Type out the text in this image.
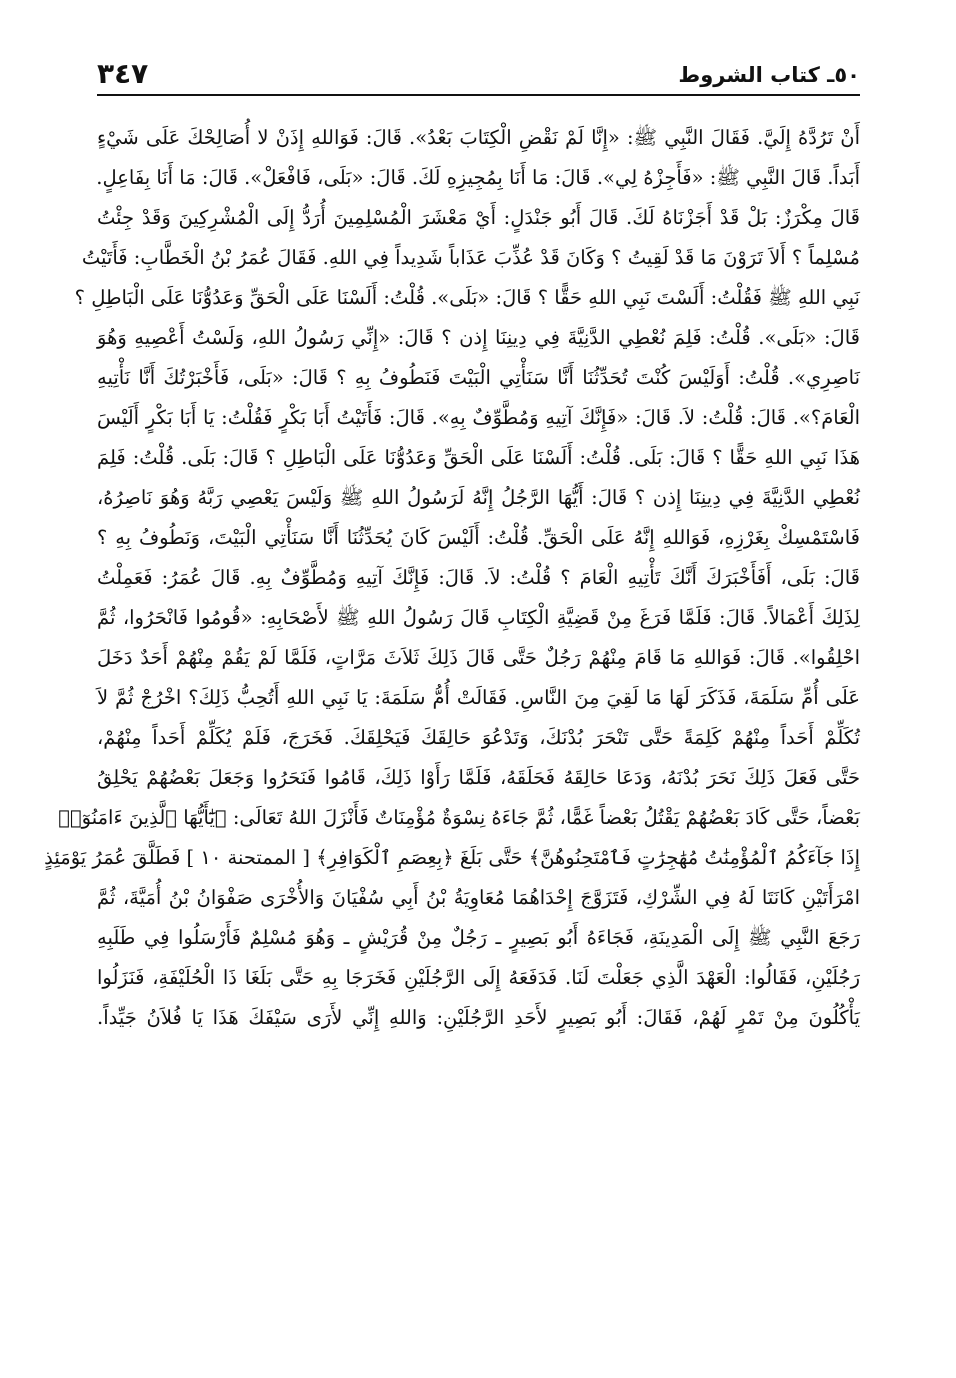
٥٠ـ كتاب الشروط
٣٤٧
أَنْ تَرُدَّهُ إِلَيَّ. فَقَالَ النَّبِي ﷺ: «إِنَّا لَمْ نَقْضِ الْكِتَابَ بَعْدُ». قَالَ: فَوَاللهِ إِذَنْ لا أُصَالِحْكَ عَلَى شَيْءٍ
أَبَداً. قَالَ النَّبِي ﷺ: «فَأَجِزْهُ لِي». قَالَ: مَا أَنَا بِمُجِيزِهِ لَكَ. قَالَ: «بَلَى، فَافْعَلْ». قَالَ: مَا أَنَا بِفَاعِلٍ.
قَالَ مِكْرَزٌ: بَلْ قَدْ أَجَزْنَاهُ لَكَ. قَالَ أَبُو جَنْدَلٍ: أَيْ مَعْشَرَ الْمُسْلِمِينَ أُرَدُّ إِلَى الْمُشْرِكِينَ وَقَدْ جِئْتُ
مُسْلِماً ؟ أَلاَ تَرَوْنَ مَا قَدْ لَقِيتُ ؟ وَكَانَ قَدْ عُذِّبَ عَذَاباً شَدِيداً فِي اللهِ. فَقَالَ عُمَرُ بْنُ الْخَطَّابِ: فَأَتَيْتُ
نَبِي اللهِ ﷺ فَقُلْتُ: أَلَسْتَ نَبِي اللهِ حَقًّا ؟ قَالَ: «بَلَى». قُلْتُ: أَلَسْنَا عَلَى الْحَقِّ وَعَدُوُّنَا عَلَى الْبَاطِلِ ؟
قَالَ: «بَلَى». قُلْتُ: فَلِمَ نُعْطِي الدَّنِيَّةَ فِي دِينِنَا إِذن ؟ قَالَ: «إِنِّي رَسُولُ اللهِ، وَلَسْتُ أَعْصِيهِ وَهُوَ
نَاصِرِي». قُلْتُ: أَوَلَيْسَ كُنْتَ تُحَدِّثُنَا أَنَّا سَنَأْتِي الْبَيْتَ فَنَطُوفُ بِهِ ؟ قَالَ: «بَلَى، فَأَخْبَرْتُكَ أَنَّا نَأْتِيهِ
الْعَامَ؟». قَالَ: قُلْتُ: لاَ. قَالَ: «فَإِنَّكَ آتِيهِ وَمُطَّوِّفٌ بِهِ». قَالَ: فَأَتَيْتُ أَبَا بَكْرٍ فَقُلْتُ: يَا أَبَا بَكْرٍ أَلَيْسَ
هَذَا نَبِي اللهِ حَقًّا ؟ قَالَ: بَلَى. قُلْتُ: أَلَسْنَا عَلَى الْحَقِّ وَعَدُوُّنَا عَلَى الْبَاطِلِ ؟ قَالَ: بَلَى. قُلْتُ: فَلِمَ
نُعْطِي الدَّنِيَّةَ فِي دِينِنَا إِذن ؟ قَالَ: أَيُّهَا الرَّجُلُ إِنَّهُ لَرَسُولُ اللهِ ﷺ وَلَيْسَ يَعْصِي رَبَّهُ وَهُوَ نَاصِرُهُ،
فَاسْتَمْسِكْ بِغَرْزِهِ، فَوَاللهِ إِنَّهُ عَلَى الْحَقِّ. قُلْتُ: أَلَيْسَ كَانَ يُحَدِّثُنَا أَنَّا سَنَأْتِي الْبَيْتَ، وَنَطُوفُ بِهِ ؟
قَالَ: بَلَى، أَفَأَخْبَرَكَ أَنَّكَ تَأْتِيهِ الْعَامَ ؟ قُلْتُ: لاَ. قَالَ: فَإِنَّكَ آتِيهِ وَمُطَّوِّفٌ بِهِ. قَالَ عُمَرُ: فَعَمِلْتُ
لِذَلِكَ أَعْمَالاً. قَالَ: فَلَمَّا فَرَغَ مِنْ قَضِيَّةِ الْكِتَابِ قَالَ رَسُولُ اللهِ ﷺ لأَصْحَابِهِ: «قُومُوا فَانْحَرُوا، ثُمَّ
احْلِقُوا». قَالَ: فَوَاللهِ مَا قَامَ مِنْهُمْ رَجُلٌ حَتَّى قَالَ ذَلِكَ ثَلاَثَ مَرَّاتٍ، فَلَمَّا لَمْ يَقُمْ مِنْهُمْ أَحَدٌ دَخَلَ
عَلَى أُمِّ سَلَمَةَ، فَذَكَرَ لَهَا مَا لَقِيَ مِنَ النَّاسِ. فَقَالَتْ أُمُّ سَلَمَةَ: يَا نَبِي اللهِ أَتُحِبُّ ذَلِكَ؟ اخْرُجْ ثُمَّ لاَ
تُكَلِّمْ أَحَداً مِنْهُمْ كَلِمَةً حَتَّى تَنْحَرَ بُدْنَكَ، وَتَدْعُوَ حَالِقَكَ فَيَحْلِقَكَ. فَخَرَجَ، فَلَمْ يُكَلِّمْ أَحَداً مِنْهُمْ،
حَتَّى فَعَلَ ذَلِكَ نَحَرَ بُدْنَهُ، وَدَعَا حَالِقَهُ فَحَلَقَهُ، فَلَمَّا رَأَوْا ذَلِكَ، قَامُوا فَنَحَرُوا وَجَعَلَ بَعْضُهُمْ يَحْلِقُ
بَعْضاً، حَتَّى كَادَ بَعْضُهُمْ يَقْتُلُ بَعْضاً غَمًّا، ثُمَّ جَاءَهُ نِسْوَةٌ مُؤْمِنَاتٌ فَأَنْزَلَ اللهُ تَعَالَى: ﴿يَٰٓأَيُّهَا ٱلَّذِينَ ءَامَنُوٓا۟
إِذَا جَآءَكُمُ ٱلْمُؤْمِنَٰتُ مُهَٰجِرَٰتٍ فَٱمْتَحِنُوهُنَّ﴾ حَتَّى بَلَغَ ﴿بِعِصَمِ ٱلْكَوَافِرِ﴾ [ الممتحنة ١٠ ] فَطَلَّقَ عُمَرُ يَوْمَئِذٍ
امْرَأَتَيْنِ كَانَتَا لَهُ فِي الشِّرْكِ، فَتَزَوَّجَ إِحْدَاهُمَا مُعَاوِيَةُ بْنُ أَبِي سُفْيَانَ وَالأُخْرَى صَفْوَانُ بْنُ أُمَيَّةَ، ثُمَّ
رَجَعَ النَّبِي ﷺ إِلَى الْمَدِينَةِ، فَجَاءَهُ أَبُو بَصِيرٍ ـ رَجُلٌ مِنْ قُرَيْشٍ ـ وَهُوَ مُسْلِمٌ فَأَرْسَلُوا فِي طَلَبِهِ
رَجُلَيْنِ، فَقَالُوا: الْعَهْدَ الَّذِي جَعَلْتَ لَنَا. فَدَفَعَهُ إِلَى الرَّجُلَيْنِ فَخَرَجَا بِهِ حَتَّى بَلَغَا ذَا الْحُلَيْفَةِ، فَنَزَلُوا
يَأْكُلُونَ مِنْ تَمْرٍ لَهُمْ، فَقَالَ: أَبُو بَصِيرٍ لأَحَدِ الرَّجُلَيْنِ: وَاللهِ إِنِّي لأَرَى سَيْفَكَ هَذَا يَا فُلاَنُ جَيِّداً.
